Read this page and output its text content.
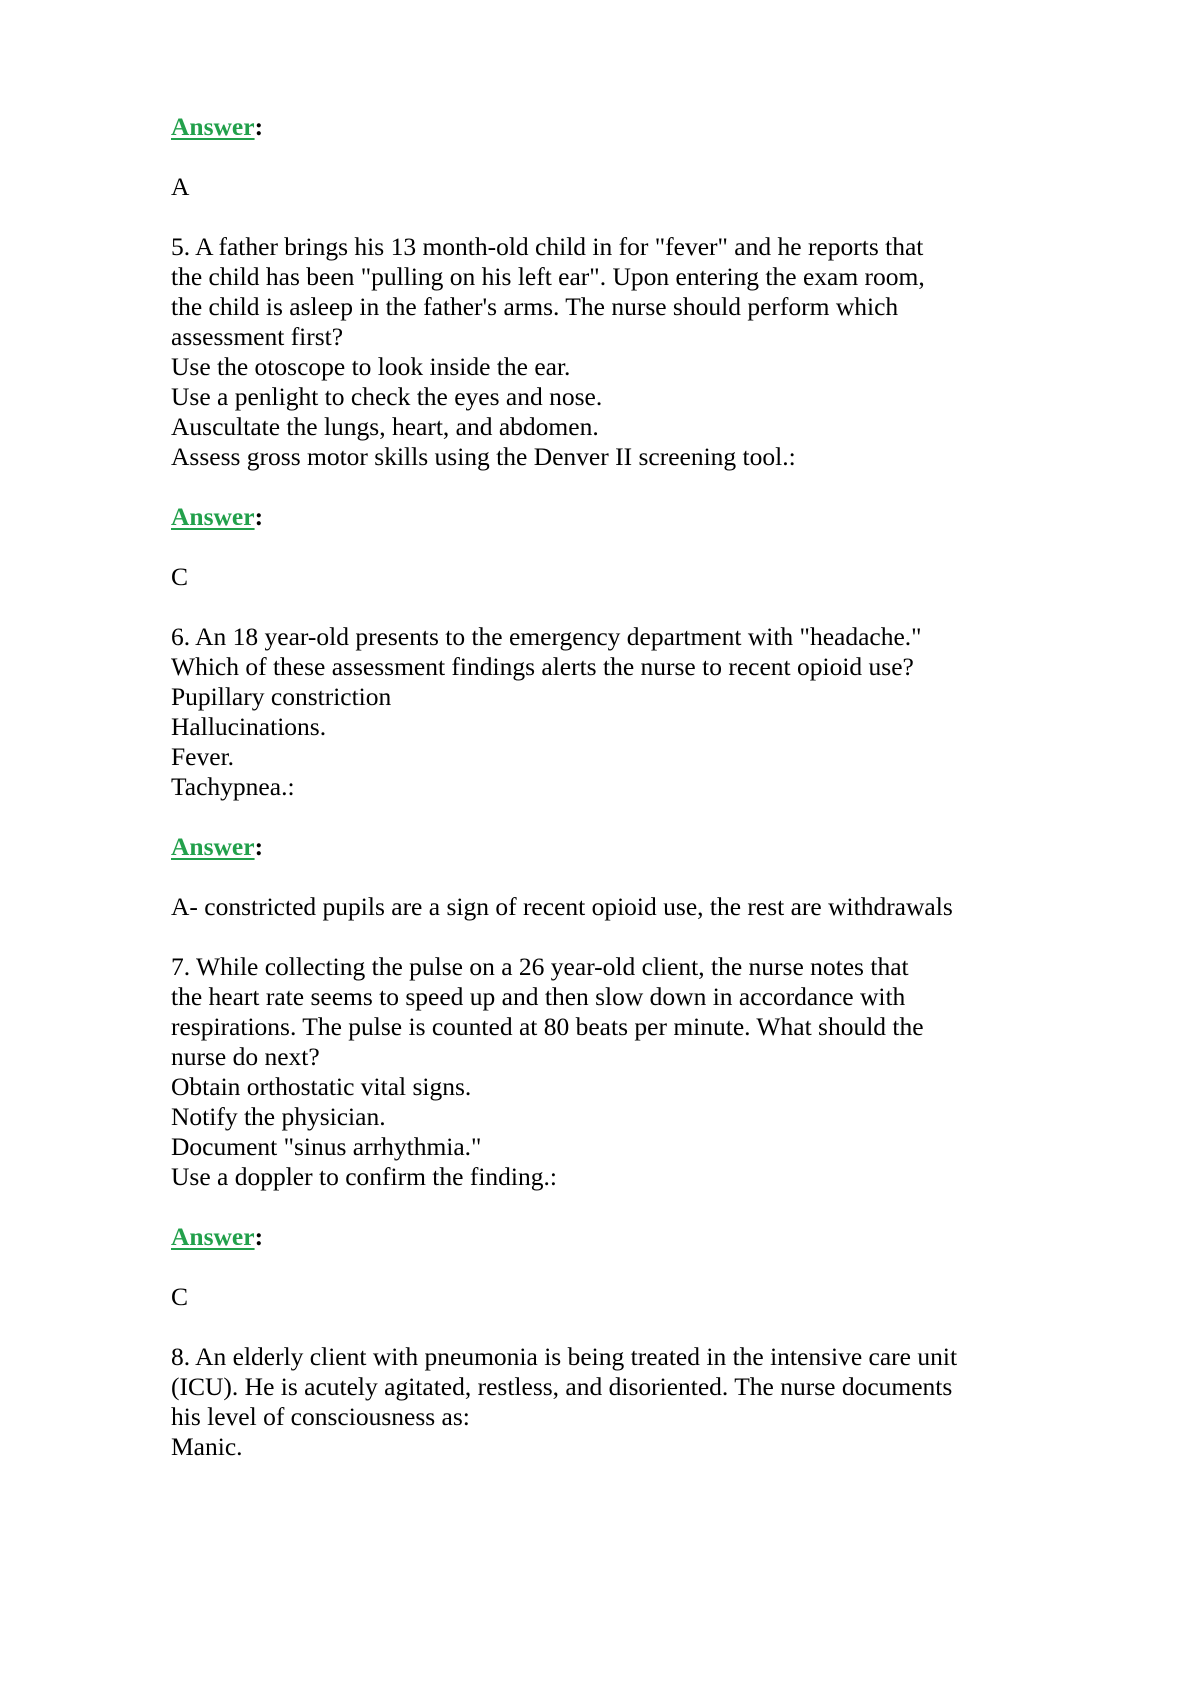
Answer:

A

5. A father brings his 13 month-old child in for "fever" and he reports that

the child has been "pulling on his left ear". Upon entering the exam room,

the child is asleep in the father's arms. The nurse should perform which

assessment first?

Use the otoscope to look inside the ear.

Use a penlight to check the eyes and nose.

Auscultate the lungs, heart, and abdomen.

Assess gross motor skills using the Denver II screening tool.:

Answer:

C

6. An 18 year-old presents to the emergency department with "headache."

Which of these assessment findings alerts the nurse to recent opioid use?

Pupillary constriction

Hallucinations.

Fever.

Tachypnea.:

Answer:

A- constricted pupils are a sign of recent opioid use, the rest are withdrawals

7. While collecting the pulse on a 26 year-old client, the nurse notes that

the heart rate seems to speed up and then slow down in accordance with

respirations. The pulse is counted at 80 beats per minute. What should the

nurse do next?

Obtain orthostatic vital signs.

Notify the physician.

Document "sinus arrhythmia."

Use a doppler to confirm the finding.:

Answer:

C

8. An elderly client with pneumonia is being treated in the intensive care unit

(ICU). He is acutely agitated, restless, and disoriented. The nurse documents

his level of consciousness as:

Manic.
